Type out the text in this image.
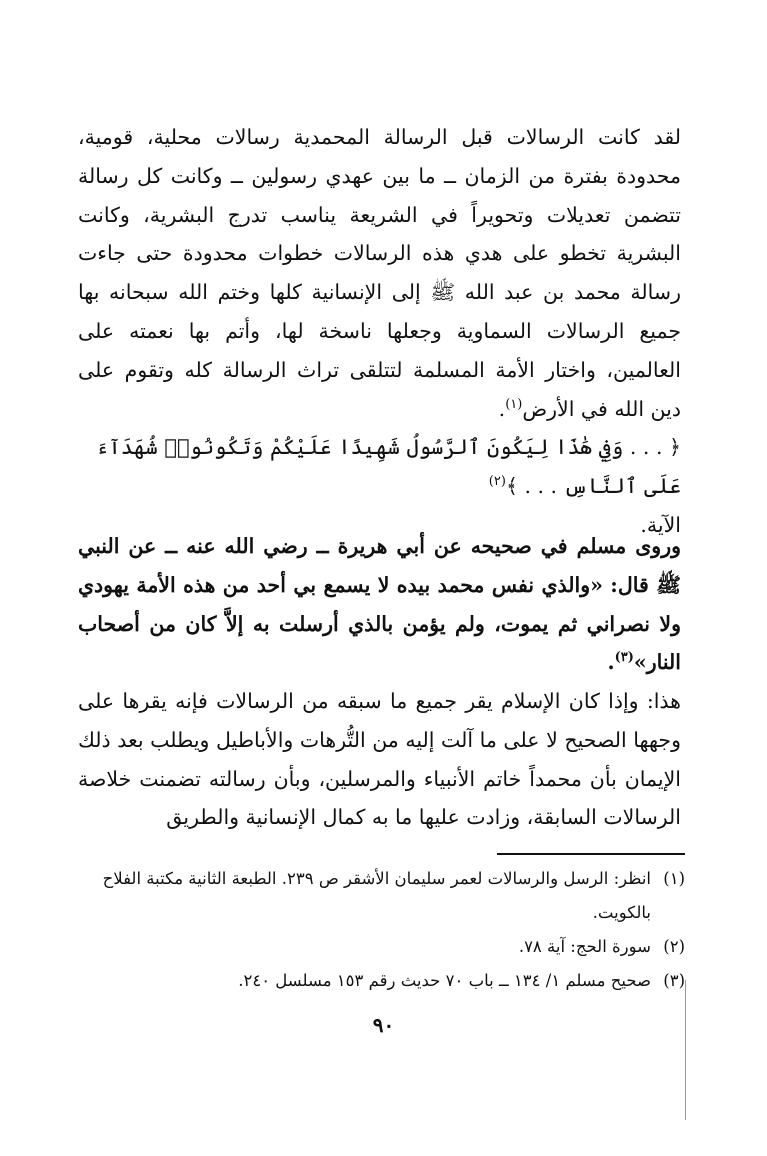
لقد كانت الرسالات قبل الرسالة المحمدية رسالات محلية، قومية، محدودة بفترة من الزمان ــ ما بين عهدي رسولين ــ وكانت كل رسالة تتضمن تعديلات وتحويراً في الشريعة يناسب تدرج البشرية، وكانت البشرية تخطو على هدي هذه الرسالات خطوات محدودة حتى جاءت رسالة محمد بن عبد الله ﷺ إلى الإنسانية كلها وختم الله سبحانه بها جميع الرسالات السماوية وجعلها ناسخة لها، وأتم بها نعمته على العالمين، واختار الأمة المسلمة لتتلقى تراث الرسالة كله وتقوم على دين الله في الأرض$^{(١)}$.
﴿ . . . وَفِي هَٰذَا لِيَكُونَ ٱلرَّسُولُ شَهِيدًا عَلَيْكُمْ وَتَكُونُوا۟ شُهَدَآءَ عَلَى ٱلنَّاسِ . . . ﴾$^{(٢)}$
الآية.
وروى مسلم في صحيحه عن أبي هريرة ــ رضي الله عنه ــ عن النبي ﷺ قال: «والذي نفس محمد بيده لا يسمع بي أحد من هذه الأمة يهودي ولا نصراني ثم يموت، ولم يؤمن بالذي أرسلت به إلاَّ كان من أصحاب النار»$^{(٣)}$.
هذا: وإذا كان الإسلام يقر جميع ما سبقه من الرسالات فإنه يقرها على وجهها الصحيح لا على ما آلت إليه من التُّرهات والأباطيل ويطلب بعد ذلك الإيمان بأن محمداً خاتم الأنبياء والمرسلين، وبأن رسالته تضمنت خلاصة الرسالات السابقة، وزادت عليها ما به كمال الإنسانية والطريق
(١)
انظر: الرسل والرسالات لعمر سليمان الأشقر ص ٢٣٩. الطبعة الثانية مكتبة الفلاح بالكويت.
(٢)
سورة الحج: آية ٧٨.
(٣)
صحيح مسلم ١/ ١٣٤ ــ باب ٧٠ حديث رقم ١٥٣ مسلسل ٢٤٠.
٩٠
